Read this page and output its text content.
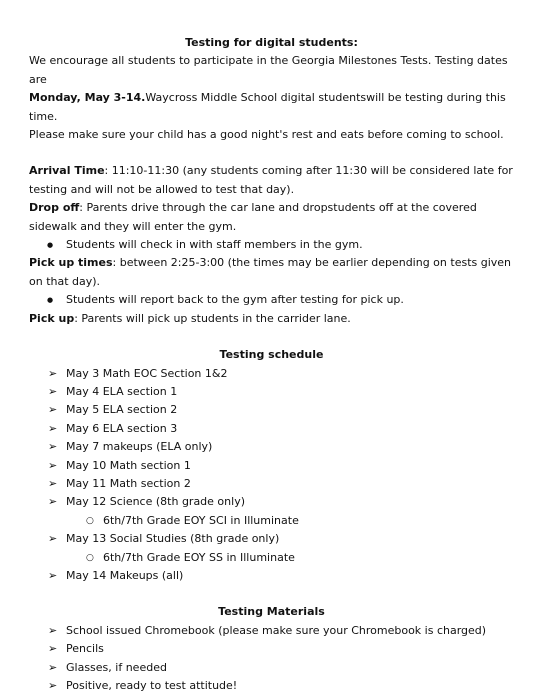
Testing for digital students:

We encourage all students to participate in the Georgia Milestones Tests. Testing dates are
Monday, May 3-14.Waycross Middle School digital studentswill be testing during this time.
Please make sure your child has a good night's rest and eats before coming to school.

Arrival Time: 11:10-11:30 (any students coming after 11:30 will be considered late for testing and will not be allowed to test that day).

Drop off: Parents drive through the car lane and dropstudents off at the covered sidewalk and they will enter the gym.

● Students will check in with staff members in the gym.

Pick up times: between 2:25-3:00 (the times may be earlier depending on tests given on that day).

● Students will report back to the gym after testing for pick up.

Pick up: Parents will pick up students in the carrider lane.

Testing schedule

➢ May 3 Math EOC Section 1&2
➢ May 4 ELA section 1
➢ May 5 ELA section 2
➢ May 6 ELA section 3
➢ May 7 makeups (ELA only)
➢ May 10 Math section 1
➢ May 11 Math section 2
➢ May 12 Science (8th grade only)
○ 6th/7th Grade EOY SCI in Illuminate
➢ May 13 Social Studies (8th grade only)
○ 6th/7th Grade EOY SS in Illuminate
➢ May 14 Makeups (all)

Testing Materials

➢ School issued Chromebook (please make sure your Chromebook is charged)
➢ Pencils
➢ Glasses, if needed
➢ Positive, ready to test attitude!
